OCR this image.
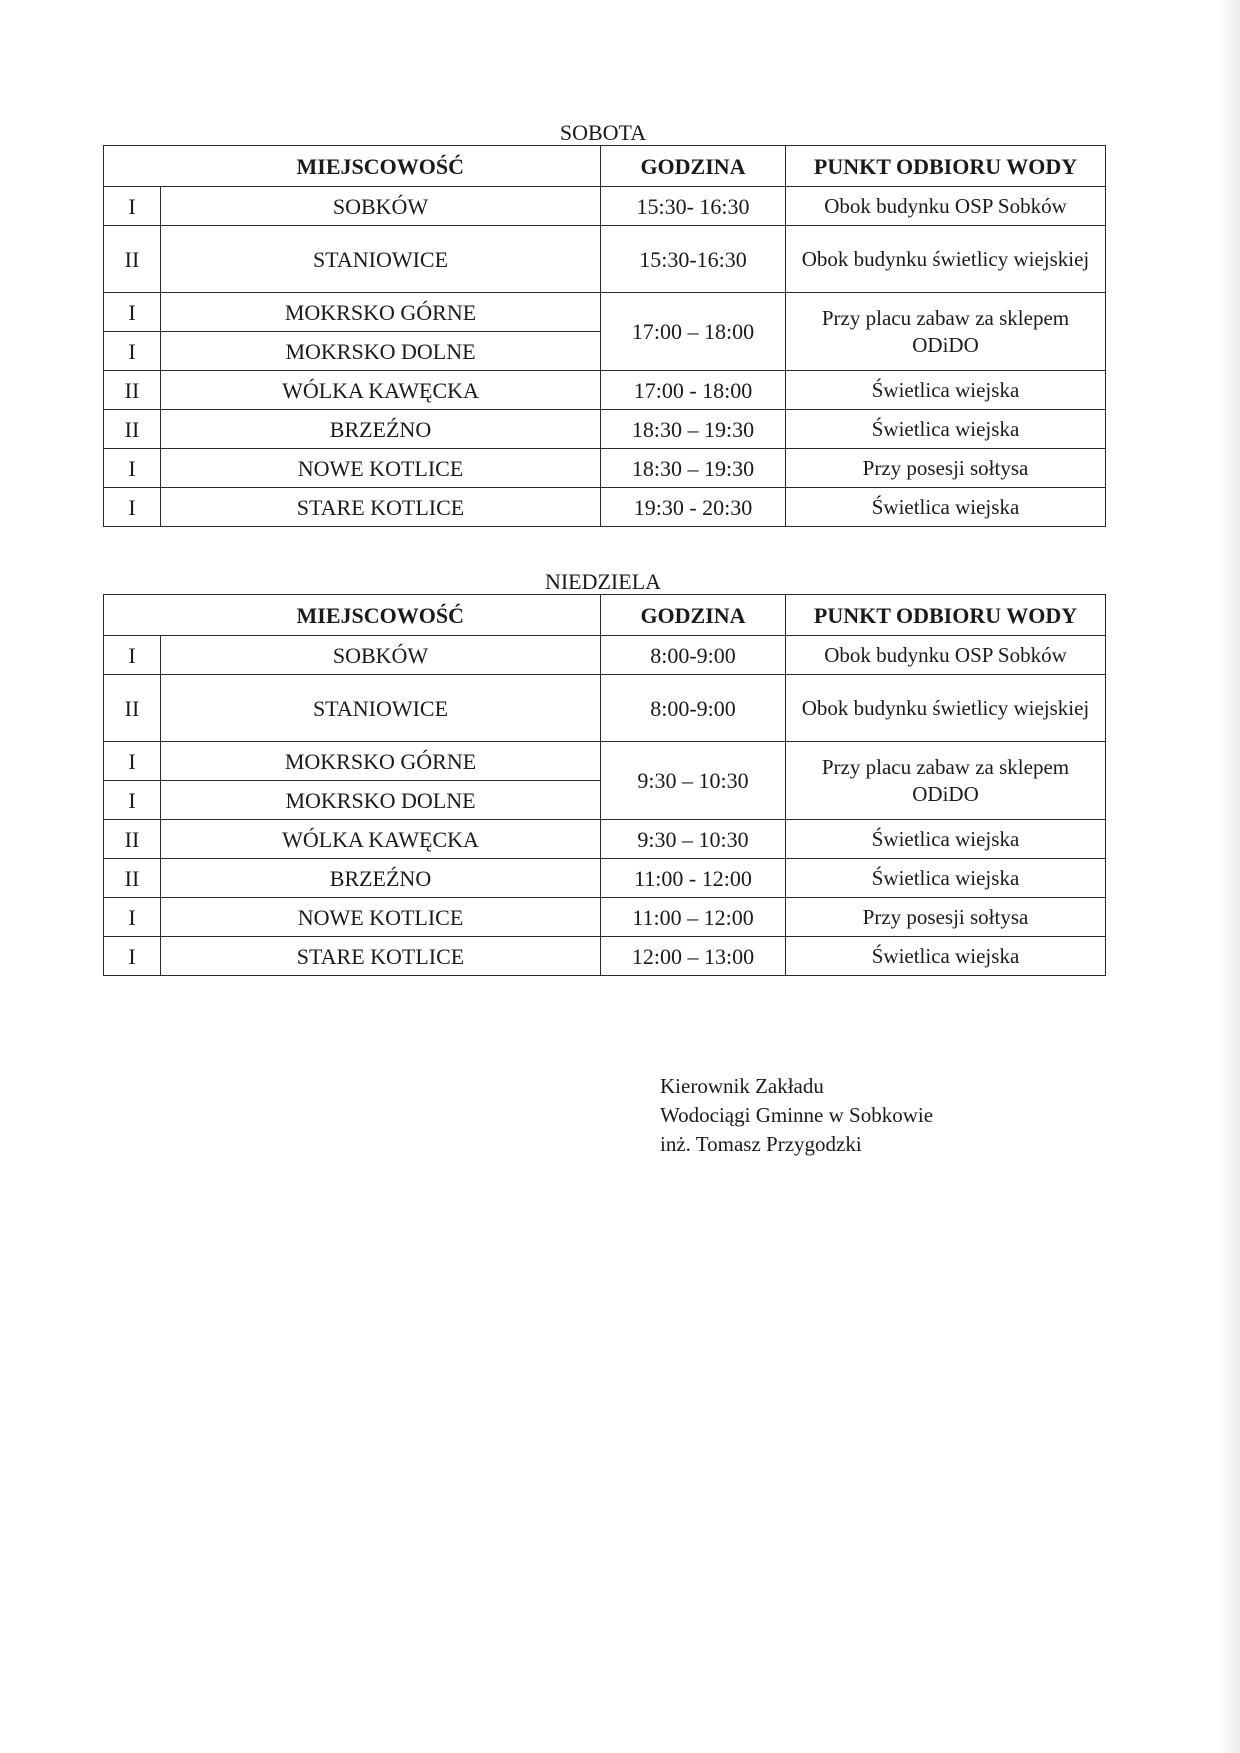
SOBOTA
	MIEJSCOWOŚĆ	GODZINA	PUNKT ODBIORU WODY
I	SOBKÓW	15:30- 16:30	Obok budynku OSP Sobków
II	STANIOWICE	15:30-16:30	Obok budynku świetlicy wiejskiej
I	MOKRSKO GÓRNE	17:00 – 18:00	Przy placu zabaw za sklepem ODiDO
I	MOKRSKO DOLNE		
II	WÓLKA KAWĘCKA	17:00 - 18:00	Świetlica wiejska
II	BRZEŹNO	18:30 – 19:30	Świetlica wiejska
I	NOWE KOTLICE	18:30 – 19:30	Przy posesji sołtysa
I	STARE KOTLICE	19:30 - 20:30	Świetlica wiejska
NIEDZIELA
	MIEJSCOWOŚĆ	GODZINA	PUNKT ODBIORU WODY
I	SOBKÓW	8:00-9:00	Obok budynku OSP Sobków
II	STANIOWICE	8:00-9:00	Obok budynku świetlicy wiejskiej
I	MOKRSKO GÓRNE	9:30 – 10:30	Przy placu zabaw za sklepem ODiDO
I	MOKRSKO DOLNE		
II	WÓLKA KAWĘCKA	9:30 – 10:30	Świetlica wiejska
II	BRZEŹNO	11:00 - 12:00	Świetlica wiejska
I	NOWE KOTLICE	11:00 – 12:00	Przy posesji sołtysa
I	STARE KOTLICE	12:00 – 13:00	Świetlica wiejska
Kierownik Zakładu
Wodociągi Gminne w Sobkowie
inż. Tomasz Przygodzki
